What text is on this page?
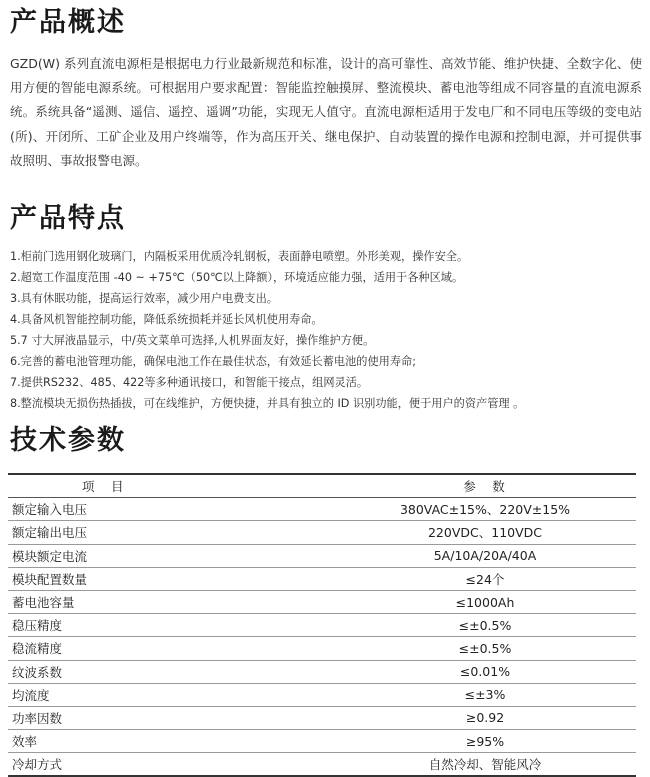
产品概述

GZD(W) 系列直流电源柜是根据电力行业最新规范和标准，设计的高可靠性、高效节能、维护快捷、全数字化、使用方便的智能电源系统。可根据用户要求配置：智能监控触摸屏、整流模块、蓄电池等组成不同容量的直流电源系统。系统具备“遥测、遥信、遥控、遥调”功能，实现无人值守。直流电源柜适用于发电厂和不同电压等级的变电站(所)、开闭所、工矿企业及用户终端等，作为高压开关、继电保护、自动装置的操作电源和控制电源，并可提供事故照明、事故报警电源。

产品特点
1.柜前门选用钢化玻璃门，内隔板采用优质冷轧钢板，表面静电喷塑。外形美观，操作安全。
2.超宽工作温度范围 -40 ~ +75℃（50℃以上降额），环境适应能力强，适用于各种区域。
3.具有休眠功能，提高运行效率，减少用户电费支出。
4.具备风机智能控制功能，降低系统损耗并延长风机使用寿命。
5.7 寸大屏液晶显示，中/英文菜单可选择,人机界面友好，操作维护方便。
6.完善的蓄电池管理功能，确保电池工作在最佳状态，有效延长蓄电池的使用寿命;
7.提供RS232、485、422等多种通讯接口，和智能干接点，组网灵活。
8.整流模块无损伤热插拔，可在线维护，方便快捷，并具有独立的 ID 识别功能，便于用户的资产管理 。
技术参数
项　目	参　数
额定输入电压	380VAC±15%、220V±15%
额定输出电压	220VDC、110VDC
模块额定电流	5A/10A/20A/40A
模块配置数量	≤24个
蓄电池容量	≤1000Ah
稳压精度	≤±0.5%
稳流精度	≤±0.5%
纹波系数	≤0.01%
均流度	≤±3%
功率因数	≥0.92
效率	≥95%
冷却方式	自然冷却、智能风冷
